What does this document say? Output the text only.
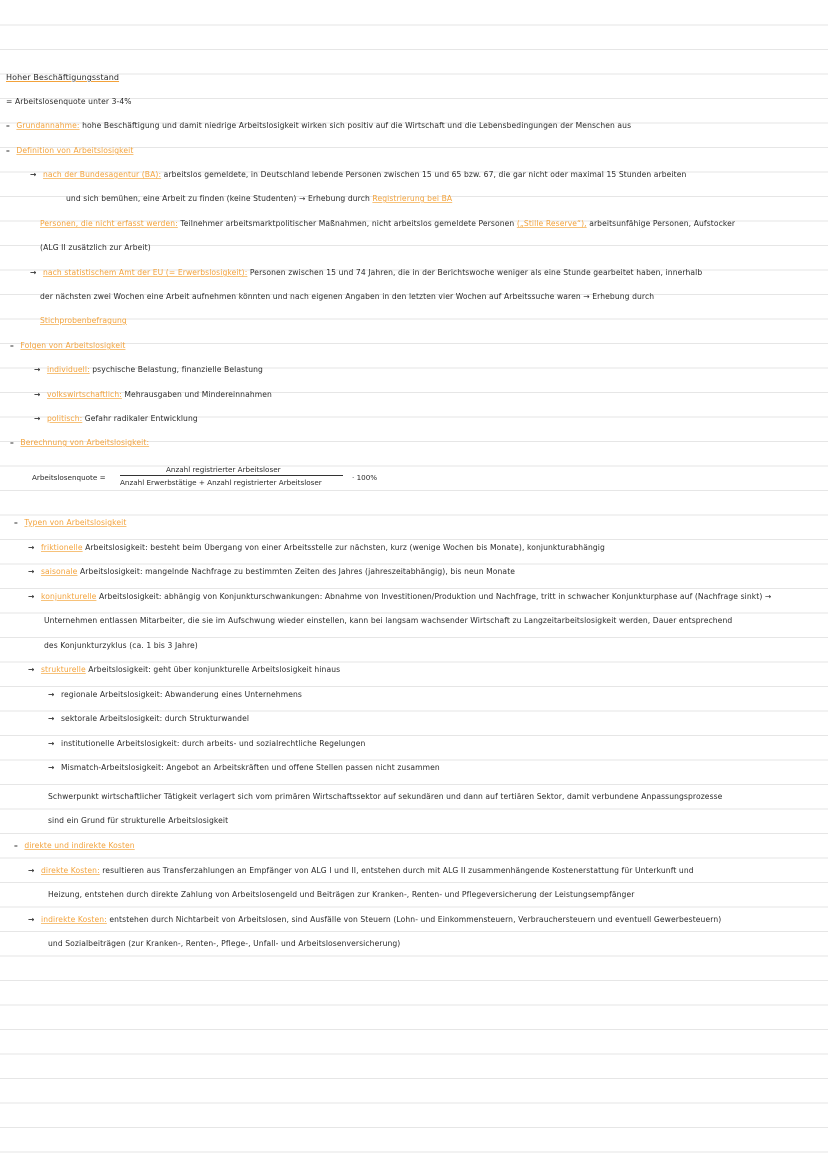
Hoher Beschäftigungsstand
= Arbeitslosenquote unter 3-4%
– Grundannahme: hohe Beschäftigung und damit niedrige Arbeitslosigkeit wirken sich positiv auf die Wirtschaft und die Lebensbedingungen der Menschen aus
– Definition von Arbeitslosigkeit
→ nach der Bundesagentur (BA): arbeitslos gemeldete, in Deutschland lebende Personen zwischen 15 und 65 bzw. 67, die gar nicht oder maximal 15 Stunden arbeiten
und sich bemühen, eine Arbeit zu finden (keine Studenten) → Erhebung durch Registrierung bei BA
Personen, die nicht erfasst werden: Teilnehmer arbeitsmarktpolitischer Maßnahmen, nicht arbeitslos gemeldete Personen („Stille Reserve“), arbeitsunfähige Personen, Aufstocker
(ALG II zusätzlich zur Arbeit)
→ nach statistischem Amt der EU (= Erwerbslosigkeit): Personen zwischen 15 und 74 Jahren, die in der Berichtswoche weniger als eine Stunde gearbeitet haben, innerhalb
der nächsten zwei Wochen eine Arbeit aufnehmen könnten und nach eigenen Angaben in den letzten vier Wochen auf Arbeitssuche waren → Erhebung durch
Stichprobenbefragung
– Folgen von Arbeitslosigkeit
→ individuell: psychische Belastung, finanzielle Belastung
→ volkswirtschaftlich: Mehrausgaben und Mindereinnahmen
→ politisch: Gefahr radikaler Entwicklung
– Berechnung von Arbeitslosigkeit:
Arbeitslosenquote =
Anzahl registrierter Arbeitsloser
Anzahl Erwerbstätige + Anzahl registrierter Arbeitsloser
· 100%
– Typen von Arbeitslosigkeit
→ friktionelle Arbeitslosigkeit: besteht beim Übergang von einer Arbeitsstelle zur nächsten, kurz (wenige Wochen bis Monate), konjunkturabhängig
→ saisonale Arbeitslosigkeit: mangelnde Nachfrage zu bestimmten Zeiten des Jahres (jahreszeitabhängig), bis neun Monate
→ konjunkturelle Arbeitslosigkeit: abhängig von Konjunkturschwankungen: Abnahme von Investitionen/Produktion und Nachfrage, tritt in schwacher Konjunkturphase auf (Nachfrage sinkt) →
Unternehmen entlassen Mitarbeiter, die sie im Aufschwung wieder einstellen, kann bei langsam wachsender Wirtschaft zu Langzeitarbeitslosigkeit werden, Dauer entsprechend
des Konjunkturzyklus (ca. 1 bis 3 Jahre)
→ strukturelle Arbeitslosigkeit: geht über konjunkturelle Arbeitslosigkeit hinaus
→ regionale Arbeitslosigkeit: Abwanderung eines Unternehmens
→ sektorale Arbeitslosigkeit: durch Strukturwandel
→ institutionelle Arbeitslosigkeit: durch arbeits- und sozialrechtliche Regelungen
→ Mismatch-Arbeitslosigkeit: Angebot an Arbeitskräften und offene Stellen passen nicht zusammen
Schwerpunkt wirtschaftlicher Tätigkeit verlagert sich vom primären Wirtschaftssektor auf sekundären und dann auf tertiären Sektor, damit verbundene Anpassungsprozesse
sind ein Grund für strukturelle Arbeitslosigkeit
– direkte und indirekte Kosten
→ direkte Kosten: resultieren aus Transferzahlungen an Empfänger von ALG I und II, entstehen durch mit ALG II zusammenhängende Kostenerstattung für Unterkunft und
Heizung, entstehen durch direkte Zahlung von Arbeitslosengeld und Beiträgen zur Kranken-, Renten- und Pflegeversicherung der Leistungsempfänger
→ indirekte Kosten: entstehen durch Nichtarbeit von Arbeitslosen, sind Ausfälle von Steuern (Lohn- und Einkommensteuern, Verbrauchersteuern und eventuell Gewerbesteuern)
und Sozialbeiträgen (zur Kranken-, Renten-, Pflege-, Unfall- und Arbeitslosenversicherung)
